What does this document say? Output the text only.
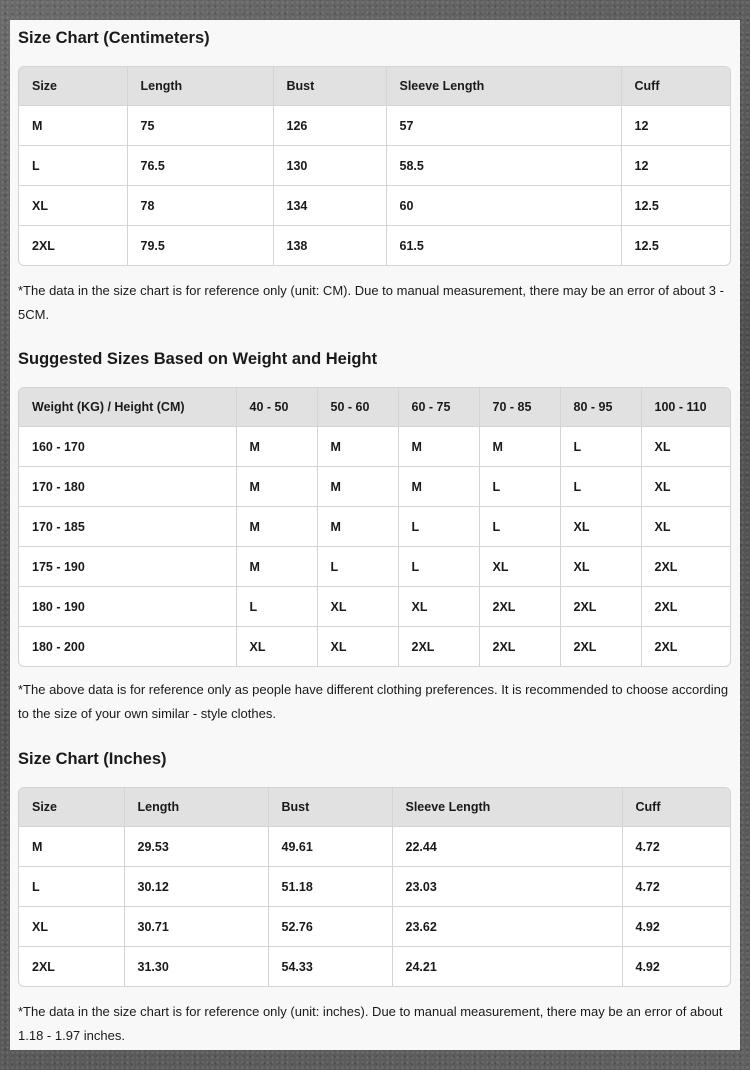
Size Chart (Centimeters)
Size	Length	Bust	Sleeve Length	Cuff
M	75	126	57	12
L	76.5	130	58.5	12
XL	78	134	60	12.5
2XL	79.5	138	61.5	12.5

*The data in the size chart is for reference only (unit: CM). Due to manual measurement, there may be an error of about 3 - 5CM.

Suggested Sizes Based on Weight and Height
Weight (KG) / Height (CM)	40 - 50	50 - 60	60 - 75	70 - 85	80 - 95	100 - 110
160 - 170	M	M	M	M	L	XL
170 - 180	M	M	M	L	L	XL
170 - 185	M	M	L	L	XL	XL
175 - 190	M	L	L	XL	XL	2XL
180 - 190	L	XL	XL	2XL	2XL	2XL
180 - 200	XL	XL	2XL	2XL	2XL	2XL

*The above data is for reference only as people have different clothing preferences. It is recommended to choose according to the size of your own similar - style clothes.

Size Chart (Inches)
Size	Length	Bust	Sleeve Length	Cuff
M	29.53	49.61	22.44	4.72
L	30.12	51.18	23.03	4.72
XL	30.71	52.76	23.62	4.92
2XL	31.30	54.33	24.21	4.92

*The data in the size chart is for reference only (unit: inches). Due to manual measurement, there may be an error of about 1.18 - 1.97 inches.
